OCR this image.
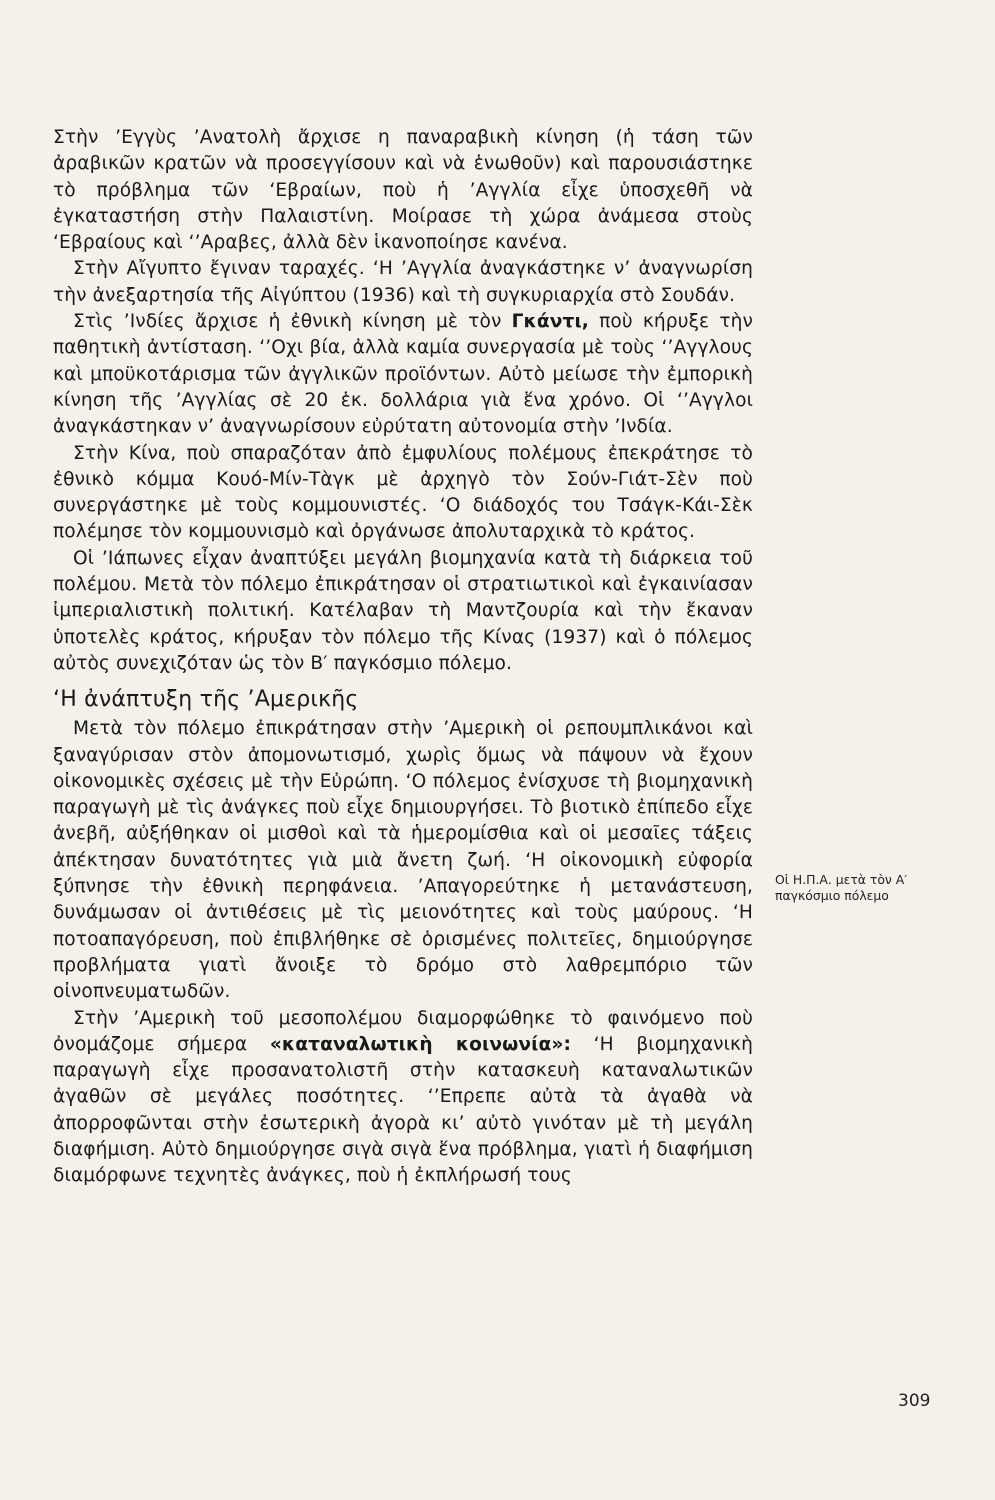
Στὴν ’Εγγὺς ’Ανατολὴ ἄρχισε η παναραβικὴ κίνηση (ἡ τάση τῶν ἀραβικῶν κρατῶν νὰ προσεγγίσουν καὶ νὰ ἑνωθοῦν) καὶ παρουσιάστηκε τὸ πρόβλημα τῶν ‘Εβραίων, ποὺ ἡ ’Αγγλία εἶχε ὑποσχεθῆ νὰ ἐγκαταστήση στὴν Παλαιστίνη. Μοίρασε τὴ χώρα ἀνάμεσα στοὺς ‘Εβραίους καὶ ‘’Αραβες, ἀλλὰ δὲν ἱκανοποίησε κανένα.

Στὴν Αἴγυπτο ἔγιναν ταραχές. ‘Η ’Αγγλία ἀναγκάστηκε ν’ ἀναγνωρίση τὴν ἀνεξαρτησία τῆς Αἰγύπτου (1936) καὶ τὴ συγκυριαρχία στὸ Σουδάν.

Στὶς ’Ινδίες ἄρχισε ἡ ἐθνικὴ κίνηση μὲ τὸν Γκάντι, ποὺ κήρυξε τὴν παθητικὴ ἀντίσταση. ‘’Οχι βία, ἀλλὰ καμία συνεργασία μὲ τοὺς ‘’Αγγλους καὶ μποϋκοτάρισμα τῶν ἀγγλικῶν προϊόντων. Αὐτὸ μείωσε τὴν ἐμπορικὴ κίνηση τῆς ’Αγγλίας σὲ 20 ἑκ. δολλάρια γιὰ ἕνα χρόνο. Οἱ ‘’Αγγλοι ἀναγκάστηκαν ν’ ἀναγνωρίσουν εὐρύτατη αὐτονομία στὴν ’Ινδία.

Στὴν Κίνα, ποὺ σπαραζόταν ἀπὸ ἐμφυλίους πολέμους ἐπεκράτησε τὸ ἐθνικὸ κόμμα Κουό-Μίν-Τὰγκ μὲ ἀρχηγὸ τὸν Σούν-Γιάτ-Σὲν ποὺ συνεργάστηκε μὲ τοὺς κομμουνιστές. ‘Ο διάδοχός του Τσάγκ-Κάι-Σὲκ πολέμησε τὸν κομμουνισμὸ καὶ ὀργάνωσε ἀπολυταρχικὰ τὸ κράτος.

Οἱ ’Ιάπωνες εἶχαν ἀναπτύξει μεγάλη βιομηχανία κατὰ τὴ διάρκεια τοῦ πολέμου. Μετὰ τὸν πόλεμο ἐπικράτησαν οἱ στρατιωτικοὶ καὶ ἐγκαινίασαν ἰμπεριαλιστικὴ πολιτική. Κατέλαβαν τὴ Μαντζουρία καὶ τὴν ἔκαναν ὑποτελὲς κράτος, κήρυξαν τὸν πόλεμο τῆς Κίνας (1937) καὶ ὁ πόλεμος αὐτὸς συνεχιζόταν ὡς τὸν Β′ παγκόσμιο πόλεμο.

‘Η ἀνάπτυξη τῆς ’Αμερικῆς

Μετὰ τὸν πόλεμο ἐπικράτησαν στὴν ’Αμερικὴ οἱ ρεπουμπλικάνοι καὶ ξαναγύρισαν στὸν ἀπομονωτισμό, χωρὶς ὅμως νὰ πάψουν νὰ ἔχουν οἰκονομικὲς σχέσεις μὲ τὴν Εὐρώπη. ‘Ο πόλεμος ἐνίσχυσε τὴ βιομηχανικὴ παραγωγὴ μὲ τὶς ἀνάγκες ποὺ εἶχε δημιουργήσει. Τὸ βιοτικὸ ἐπίπεδο εἶχε ἀνεβῆ, αὐξήθηκαν οἱ μισθοὶ καὶ τὰ ἡμερομίσθια καὶ οἱ μεσαῖες τάξεις ἀπέκτησαν δυνατότητες γιὰ μιὰ ἄνετη ζωή. ‘Η οἰκονομικὴ εὐφορία ξύπνησε τὴν ἐθνικὴ περηφάνεια. ’Απαγορεύτηκε ἡ μετανάστευση, δυνάμωσαν οἱ ἀντιθέσεις μὲ τὶς μειονότητες καὶ τοὺς μαύρους. ‘Η ποτοαπαγόρευση, ποὺ ἐπιβλήθηκε σὲ ὁρισμένες πολιτεῖες, δημιούργησε προβλήματα γιατὶ ἄνοιξε τὸ δρόμο στὸ λαθρεμπόριο τῶν οἰνοπνευματωδῶν.

Στὴν ’Αμερικὴ τοῦ μεσοπολέμου διαμορφώθηκε τὸ φαινόμενο ποὺ ὀνομάζομε σήμερα «καταναλωτικὴ κοινωνία»: ‘Η βιομηχανικὴ παραγωγὴ εἶχε προσανατολιστῆ στὴν κατασκευὴ καταναλωτικῶν ἀγαθῶν σὲ μεγάλες ποσότητες. ‘’Επρεπε αὐτὰ τὰ ἀγαθὰ νὰ ἀπορροφῶνται στὴν ἐσωτερικὴ ἀγορὰ κι’ αὐτὸ γινόταν μὲ τὴ μεγάλη διαφήμιση. Αὐτὸ δημιούργησε σιγὰ σιγὰ ἕνα πρόβλημα, γιατὶ ἡ διαφήμιση διαμόρφωνε τεχνητὲς ἀνάγκες, ποὺ ἡ ἐκπλήρωσή τους

Οἱ Η.Π.Α. μετὰ τὸν Α′ παγκόσμιο πόλεμο
309
